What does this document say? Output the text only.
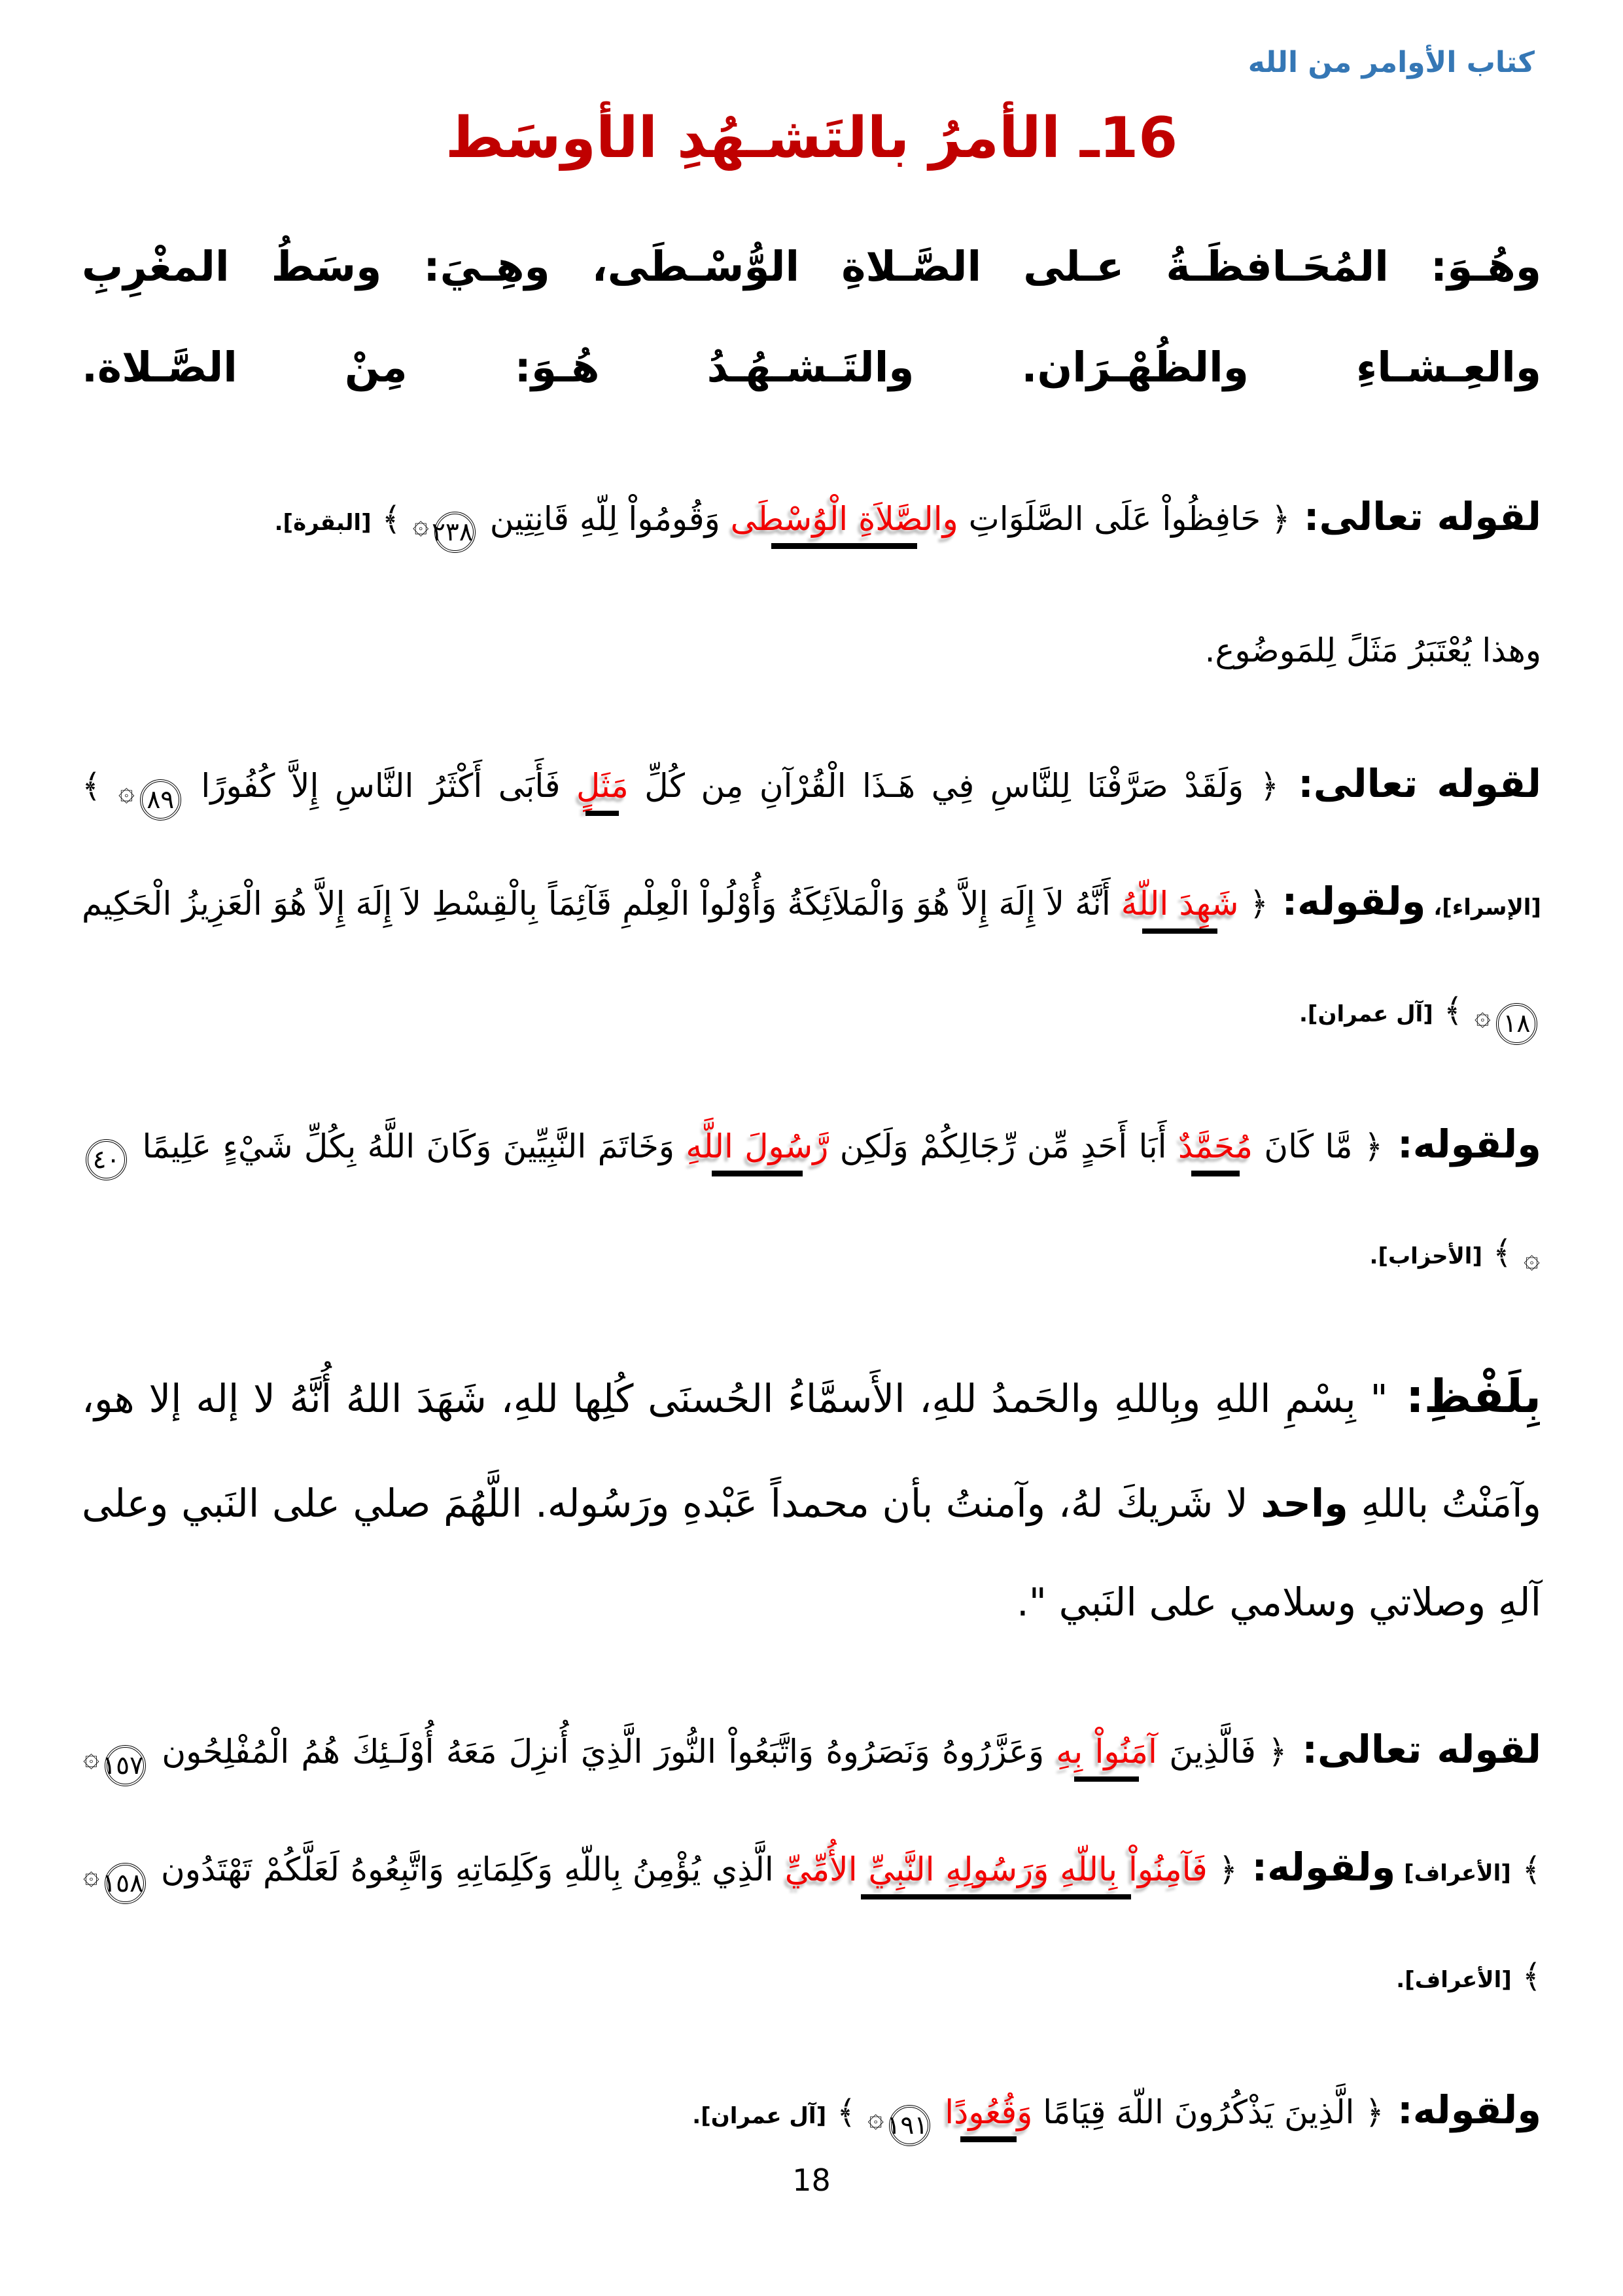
كتاب الأوامر من الله
16ـ الأمرُ بالتَشـهُدِ الأوسَط

وهُـوَ: المُحَـافظَـةُ عـلى الصَّـلاةِ الوُّسْـطَى، وهِـيَ: وسَطُ المغْرِبِ والعِـشـاءِ والظُهْـرَان. والتَـشـهُـدُ هُـوَ: مِنْ الصَّـلاة.

لقوله تعالى: ﴿ حَافِظُواْ عَلَى الصَّلَوَاتِ والصَّلاَةِ الْوُسْطَى وَقُومُواْ لِلّهِ قَانِتِين ٢٣٨۞ ﴾ [البقرة].

وهذا يُعْتَبَرُ مَثَلً لِلمَوضُوع.

لقوله تعالى: ﴿ وَلَقَدْ صَرَّفْنَا لِلنَّاسِ فِي هَـذَا الْقُرْآنِ مِن كُلِّ مَثَلٍ فَأَبَى أَكْثَرُ النَّاسِ إِلاَّ كُفُورًا ٨٩۞ ﴾ [الإسراء]، ولقوله: ﴿ شَهِدَ اللّهُ أَنَّهُ لاَ إِلَهَ إِلاَّ هُوَ وَالْمَلاَئِكَةُ وَأُوْلُواْ الْعِلْمِ قَآئِمَاً بِالْقِسْطِ لاَ إِلَهَ إِلاَّ هُوَ الْعَزِيزُ الْحَكِيم ١٨۞ ﴾ [آل عمران].

ولقوله: ﴿ مَّا كَانَ مُحَمَّدٌ أَبَا أَحَدٍ مِّن رِّجَالِكُمْ وَلَكِن رَّسُولَ اللَّهِ وَخَاتَمَ النَّبِيِّينَ وَكَانَ اللَّهُ بِكُلِّ شَيْءٍ عَلِيمًا ٤٠۞ ﴾ [الأحزاب].

بِلَفْظِ: " بِسْمِ اللهِ وبِاللهِ والحَمدُ للهِ، الأَسمَّاءُ الحُسنَى كُلِها للهِ، شَهَدَ اللهُ أُنَّهُ لا إله إلا هو، وآمَنْتُ باللهِ واحد لا شَريكَ لهُ، وآمنتُ بأن محمداً عَبْدهِ ورَسُوله. اللَّهُمَ صلي على النَبي وعلى آلهِ وصلاتي وسلامي على النَبي ".

لقوله تعالى: ﴿ فَالَّذِينَ آمَنُواْ بِهِ وَعَزَّرُوهُ وَنَصَرُوهُ وَاتَّبَعُواْ النُّورَ الَّذِيَ أُنزِلَ مَعَهُ أُوْلَـئِكَ هُمُ الْمُفْلِحُون ١٥٧۞ ﴾ [الأعراف] ولقوله: ﴿ فَآمِنُواْ بِاللّهِ وَرَسُولِهِ النَّبِيِّ الأُمِّيِّ الَّذِي يُؤْمِنُ بِاللّهِ وَكَلِمَاتِهِ وَاتَّبِعُوهُ لَعَلَّكُمْ تَهْتَدُون ١٥٨۞ ﴾ [الأعراف].

ولقوله: ﴿ الَّذِينَ يَذْكُرُونَ اللّهَ قِيَامًا وَقُعُودًا ١٩١۞ ﴾ [آل عمران].

18
